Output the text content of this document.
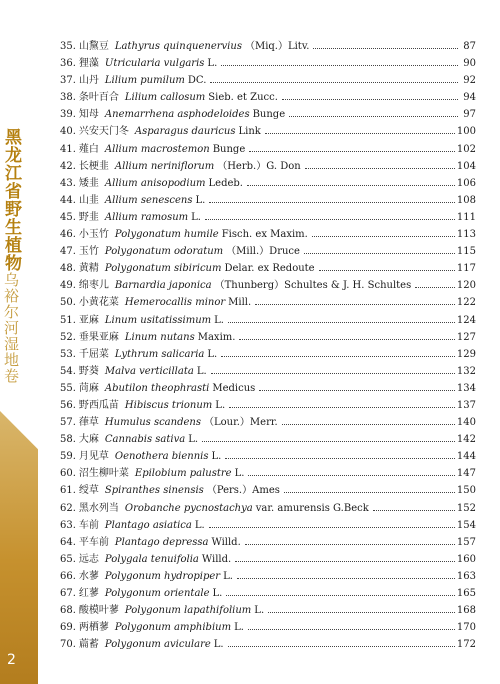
黑龙江省野生植物乌裕尔河湿地卷
2
35. 山黧豆 Lathyrus quinquenervius （Miq.）Litv.	87
36. 狸藻 Utricularia vulgaris L.	90
37. 山丹 Lilium pumilum DC.	92
38. 条叶百合 Lilium callosum Sieb. et Zucc.	94
39. 知母 Anemarrhena asphodeloides Bunge	97
40. 兴安天门冬 Asparagus dauricus Link	100
41. 薤白 Allium macrostemon Bunge	102
42. 长梗韭 Allium neriniflorum （Herb.）G. Don	104
43. 矮韭 Allium anisopodium Ledeb.	106
44. 山韭 Allium senescens L.	108
45. 野韭 Allium ramosum L.	111
46. 小玉竹 Polygonatum humile Fisch. ex Maxim.	113
47. 玉竹 Polygonatum odoratum （Mill.）Druce	115
48. 黄精 Polygonatum sibiricum Delar. ex Redoute	117
49. 绵枣儿 Barnardia japonica （Thunberg）Schultes & J. H. Schultes	120
50. 小黄花菜 Hemerocallis minor Mill.	122
51. 亚麻 Linum usitatissimum L.	124
52. 垂果亚麻 Linum nutans Maxim.	127
53. 千屈菜 Lythrum salicaria L.	129
54. 野葵 Malva verticillata L.	132
55. 苘麻 Abutilon theophrasti Medicus	134
56. 野西瓜苗 Hibiscus trionum L.	137
57. 葎草 Humulus scandens （Lour.）Merr.	140
58. 大麻 Cannabis sativa L.	142
59. 月见草 Oenothera biennis L.	144
60. 沼生柳叶菜 Epilobium palustre L.	147
61. 绶草 Spiranthes sinensis （Pers.）Ames	150
62. 黑水列当 Orobanche pycnostachya var. amurensis G.Beck	152
63. 车前 Plantago asiatica L.	154
64. 平车前 Plantago depressa Willd.	157
65. 远志 Polygala tenuifolia Willd.	160
66. 水蓼 Polygonum hydropiper L.	163
67. 红蓼 Polygonum orientale L.	165
68. 酸模叶蓼 Polygonum lapathifolium L.	168
69. 两栖蓼 Polygonum amphibium L.	170
70. 萹蓄 Polygonum aviculare L.	172
